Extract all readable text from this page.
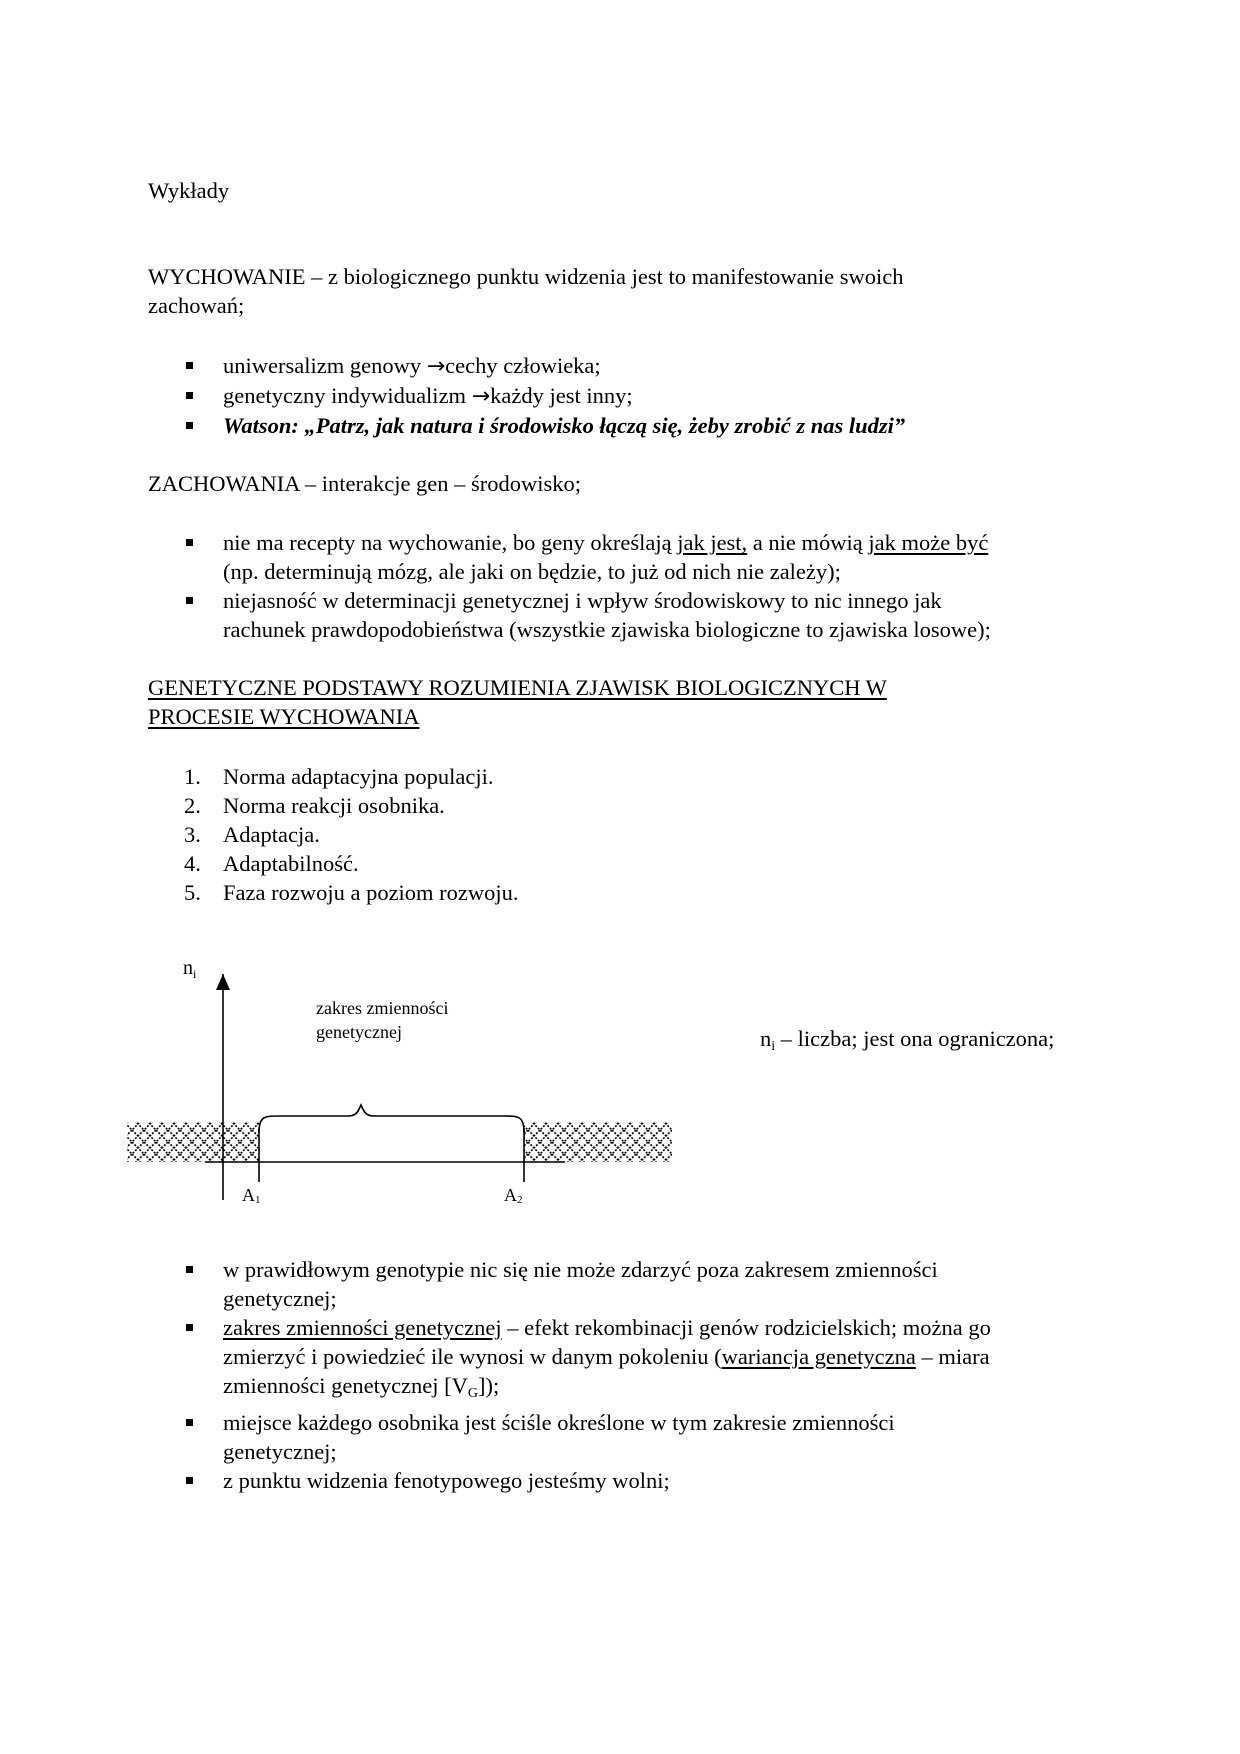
Wykłady

WYCHOWANIE – z biologicznego punktu widzenia jest to manifestowanie swoich

zachowań;

uniwersalizm genowy →cechy człowieka;
genetyczny indywidualizm →każdy jest inny;
Watson: „Patrz, jak natura i środowisko łączą się, żeby zrobić z nas ludzi”

ZACHOWANIA – interakcje gen – środowisko;

nie ma recepty na wychowanie, bo geny określają jak jest, a nie mówią jak może być
(np. determinują mózg, ale jaki on będzie, to już od nich nie zależy);
niejasność w determinacji genetycznej i wpływ środowiskowy to nic innego jak
rachunek prawdopodobieństwa (wszystkie zjawiska biologiczne to zjawiska losowe);

GENETYCZNE PODSTAWY ROZUMIENIA ZJAWISK BIOLOGICZNYCH W

PROCESIE WYCHOWANIA

1. Norma adaptacyjna populacji.
2. Norma reakcji osobnika.
3. Adaptacja.
4. Adaptabilność.
5. Faza rozwoju a poziom rozwoju.
$n_i$
zakres zmienności
genetycznej
A1	A2

$n_i$ – liczba; jest ona ograniczona;

w prawidłowym genotypie nic się nie może zdarzyć poza zakresem zmienności
genetycznej;
zakres zmienności genetycznej – efekt rekombinacji genów rodzicielskich; można go
zmierzyć i powiedzieć ile wynosi w danym pokoleniu (wariancja genetyczna – miara
zmienności genetycznej $[V_G]$);
miejsce każdego osobnika jest ściśle określone w tym zakresie zmienności
genetycznej;
z punktu widzenia fenotypowego jesteśmy wolni;
